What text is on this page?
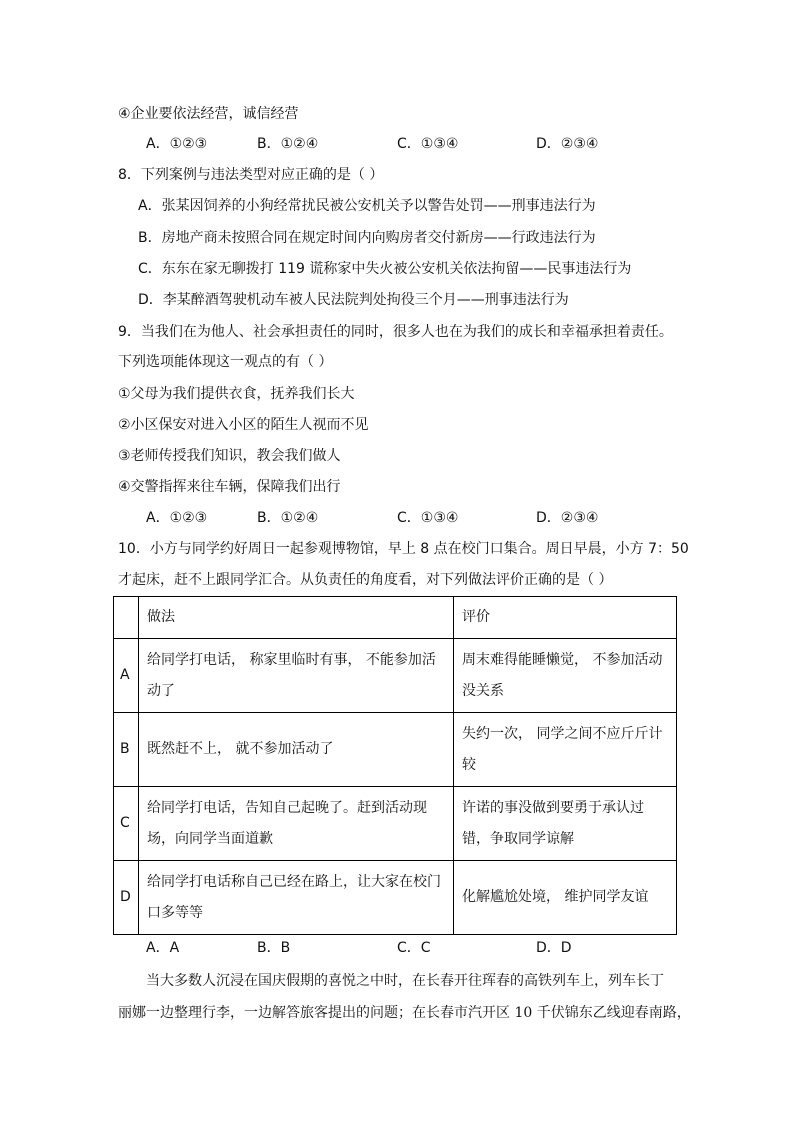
④企业要依法经营，诚信经营
A．①②③	B．①②④	C．①③④	D．②③④
8．下列案例与违法类型对应正确的是（ ）
A．张某因饲养的小狗经常扰民被公安机关予以警告处罚——刑事违法行为
B．房地产商未按照合同在规定时间内向购房者交付新房——行政违法行为
C．东东在家无聊拨打 119 谎称家中失火被公安机关依法拘留——民事违法行为
D．李某醉酒驾驶机动车被人民法院判处拘役三个月——刑事违法行为
9．当我们在为他人、社会承担责任的同时，很多人也在为我们的成长和幸福承担着责任。
下列选项能体现这一观点的有（ ）
①父母为我们提供衣食，抚养我们长大
②小区保安对进入小区的陌生人视而不见
③老师传授我们知识，教会我们做人
④交警指挥来往车辆，保障我们出行
A．①②③	B．①②④	C．①③④	D．②③④
10．小方与同学约好周日一起参观博物馆，早上 8 点在校门口集合。周日早晨，小方 7：50
才起床，赶不上跟同学汇合。从负责任的角度看，对下列做法评价正确的是（ ）
	做法	评价
A	给同学打电话， 称家里临时有事， 不能参加活动了	周末难得能睡懒觉， 不参加活动没关系
B	既然赶不上， 就不参加活动了	失约一次， 同学之间不应斤斤计较
C	给同学打电话，告知自己起晚了。赶到活动现场，向同学当面道歉	许诺的事没做到要勇于承认过错，争取同学谅解
D	给同学打电话称自己已经在路上，让大家在校门口多等等	化解尴尬处境， 维护同学友谊
A．A	B．B	C．C	D．D
当大多数人沉浸在国庆假期的喜悦之中时，在长春开往珲春的高铁列车上，列车长丁
丽娜一边整理行李，一边解答旅客提出的问题；在长春市汽开区 10 千伏锦东乙线迎春南路，
